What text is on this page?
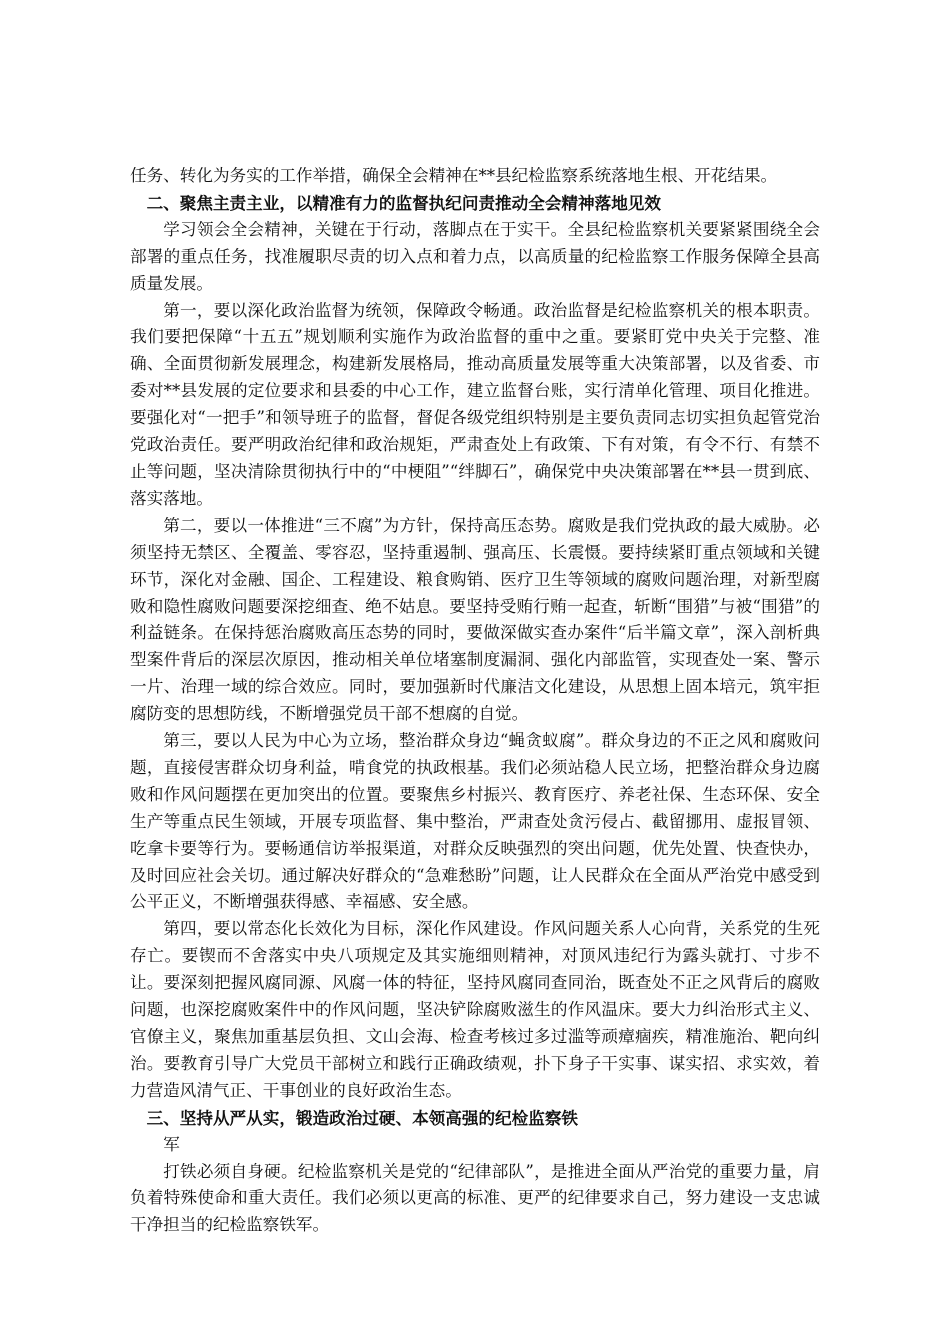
任务、转化为务实的工作举措，确保全会精神在**县纪检监察系统落地生根、开花结果。

二、聚焦主责主业，以精准有力的监督执纪问责推动全会精神落地见效

学习领会全会精神，关键在于行动，落脚点在于实干。全县纪检监察机关要紧紧围绕全会部署的重点任务，找准履职尽责的切入点和着力点，以高质量的纪检监察工作服务保障全县高质量发展。

第一，要以深化政治监督为统领，保障政令畅通。政治监督是纪检监察机关的根本职责。我们要把保障“十五五”规划顺利实施作为政治监督的重中之重。要紧盯党中央关于完整、准确、全面贯彻新发展理念，构建新发展格局，推动高质量发展等重大决策部署，以及省委、市委对**县发展的定位要求和县委的中心工作，建立监督台账，实行清单化管理、项目化推进。要强化对“一把手”和领导班子的监督，督促各级党组织特别是主要负责同志切实担负起管党治党政治责任。要严明政治纪律和政治规矩，严肃查处上有政策、下有对策，有令不行、有禁不止等问题，坚决清除贯彻执行中的“中梗阻”“绊脚石”，确保党中央决策部署在**县一贯到底、落实落地。

第二，要以一体推进“三不腐”为方针，保持高压态势。腐败是我们党执政的最大威胁。必须坚持无禁区、全覆盖、零容忍，坚持重遏制、强高压、长震慑。要持续紧盯重点领域和关键环节，深化对金融、国企、工程建设、粮食购销、医疗卫生等领域的腐败问题治理，对新型腐败和隐性腐败问题要深挖细查、绝不姑息。要坚持受贿行贿一起查，斩断“围猎”与被“围猎”的利益链条。在保持惩治腐败高压态势的同时，要做深做实查办案件“后半篇文章”，深入剖析典型案件背后的深层次原因，推动相关单位堵塞制度漏洞、强化内部监管，实现查处一案、警示一片、治理一域的综合效应。同时，要加强新时代廉洁文化建设，从思想上固本培元，筑牢拒腐防变的思想防线，不断增强党员干部不想腐的自觉。

第三，要以人民为中心为立场，整治群众身边“蝇贪蚁腐”。群众身边的不正之风和腐败问题，直接侵害群众切身利益，啃食党的执政根基。我们必须站稳人民立场，把整治群众身边腐败和作风问题摆在更加突出的位置。要聚焦乡村振兴、教育医疗、养老社保、生态环保、安全生产等重点民生领域，开展专项监督、集中整治，严肃查处贪污侵占、截留挪用、虚报冒领、吃拿卡要等行为。要畅通信访举报渠道，对群众反映强烈的突出问题，优先处置、快查快办，及时回应社会关切。通过解决好群众的“急难愁盼”问题，让人民群众在全面从严治党中感受到公平正义，不断增强获得感、幸福感、安全感。

第四，要以常态化长效化为目标，深化作风建设。作风问题关系人心向背，关系党的生死存亡。要锲而不舍落实中央八项规定及其实施细则精神，对顶风违纪行为露头就打、寸步不让。要深刻把握风腐同源、风腐一体的特征，坚持风腐同查同治，既查处不正之风背后的腐败问题，也深挖腐败案件中的作风问题，坚决铲除腐败滋生的作风温床。要大力纠治形式主义、官僚主义，聚焦加重基层负担、文山会海、检查考核过多过滥等顽瘴痼疾，精准施治、靶向纠治。要教育引导广大党员干部树立和践行正确政绩观，扑下身子干实事、谋实招、求实效，着力营造风清气正、干事创业的良好政治生态。

三、坚持从严从实，锻造政治过硬、本领高强的纪检监察铁

军

打铁必须自身硬。纪检监察机关是党的“纪律部队”，是推进全面从严治党的重要力量，肩负着特殊使命和重大责任。我们必须以更高的标准、更严的纪律要求自己，努力建设一支忠诚干净担当的纪检监察铁军。
